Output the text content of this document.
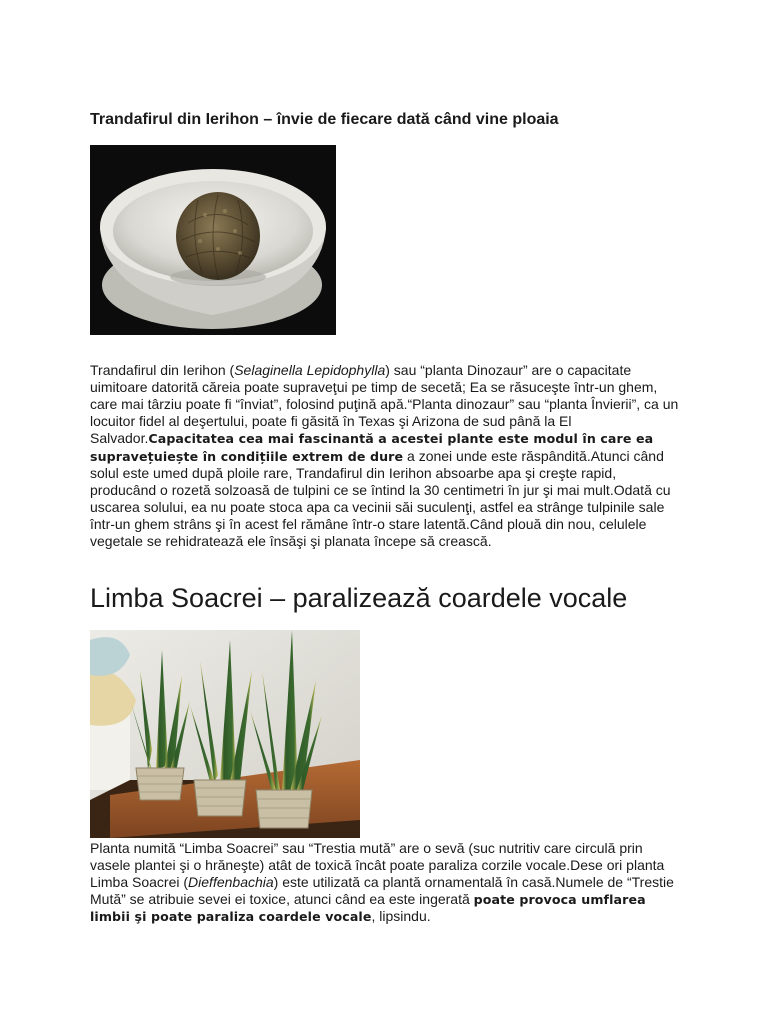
Trandafirul din Ierihon – învie de fiecare dată când vine ploaia

Trandafirul din Ierihon (Selaginella Lepidophylla) sau “planta Dinozaur” are o capacitate uimitoare datorită căreia poate supraveţui pe timp de secetă; Ea se răsuceşte într-un ghem, care mai târziu poate fi “înviat”, folosind puţină apă.“Planta dinozaur” sau “planta Învierii”, ca un locuitor fidel al deşertului, poate fi găsită în Texas şi Arizona de sud până la El Salvador.Capacitatea cea mai fascinantă a acestei plante este modul în care ea supravețuiește în condițiile extrem de dure a zonei unde este răspândită.Atunci când solul este umed după ploile rare, Trandafirul din Ierihon absoarbe apa şi creşte rapid, producând o rozetă solzoasă de tulpini ce se întind la 30 centimetri în jur şi mai mult.Odată cu uscarea solului, ea nu poate stoca apa ca vecinii săi suculenţi, astfel ea strânge tulpinile sale într-un ghem strâns şi în acest fel rămâne într-o stare latentă.Când plouă din nou, celulele vegetale se rehidratează ele însăşi şi planata începe să crească.

Limba Soacrei – paralizează coardele vocale

Planta numită “Limba Soacrei” sau “Trestia mută” are o sevă (suc nutritiv care circulă prin vasele plantei şi o hrăneşte) atât de toxică încât poate paraliza corzile vocale.Dese ori planta Limba Soacrei (Dieffenbachia) este utilizată ca plantă ornamentală în casă.Numele de “Trestie Mută” se atribuie sevei ei toxice, atunci când ea este ingerată poate provoca umflarea limbii şi poate paraliza coardele vocale, lipsindu.
